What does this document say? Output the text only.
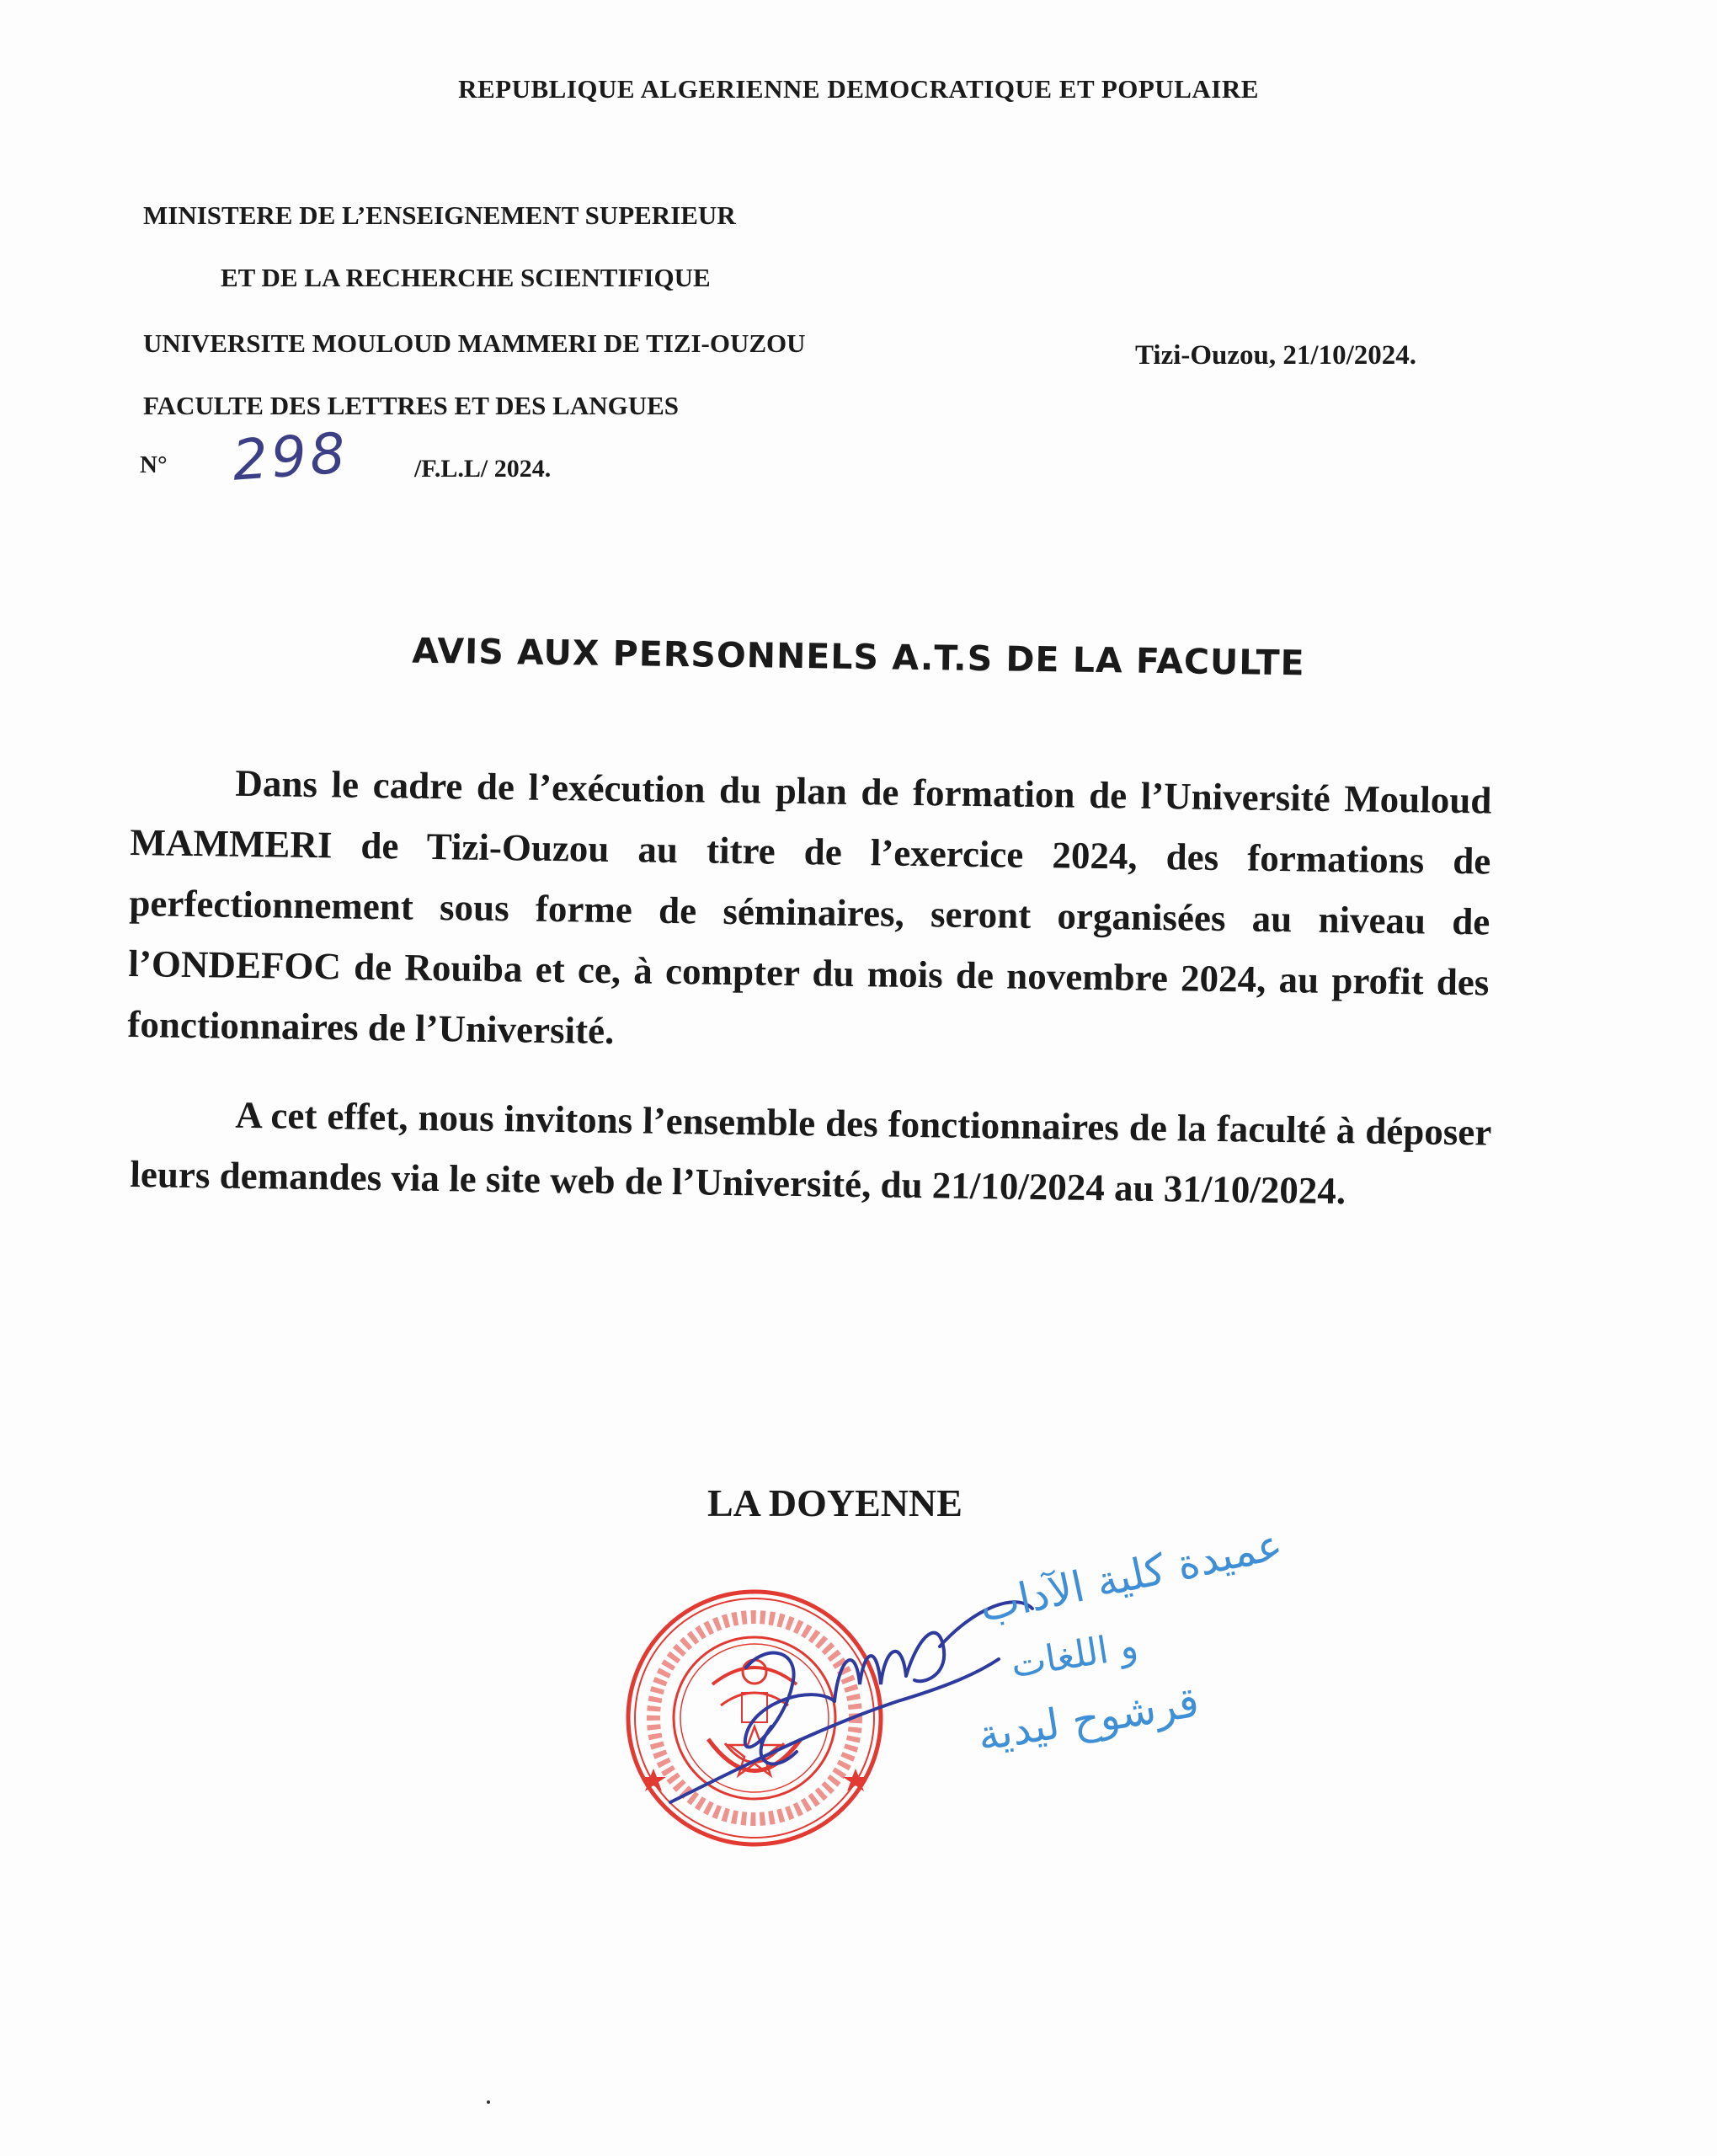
REPUBLIQUE ALGERIENNE DEMOCRATIQUE ET POPULAIRE
MINISTERE DE L’ENSEIGNEMENT SUPERIEUR
ET DE LA RECHERCHE SCIENTIFIQUE
UNIVERSITE MOULOUD MAMMERI DE TIZI-OUZOU
FACULTE DES LETTRES ET DES LANGUES
Tizi-Ouzou, 21/10/2024.
N° 298	/F.L.L/ 2024.
AVIS AUX PERSONNELS A.T.S DE LA FACULTE
Dans le cadre de l’exécution du plan de formation de l’Université Mouloud MAMMERI de Tizi-Ouzou au titre de l’exercice 2024, des formations de perfectionnement sous forme de séminaires, seront organisées au niveau de l’ONDEFOC de Rouiba et ce, à compter du mois de novembre 2024, au profit des fonctionnaires de l’Université.
A cet effet, nous invitons l’ensemble des fonctionnaires de la faculté à déposer leurs demandes via le site web de l’Université, du 21/10/2024 au 31/10/2024.
LA DOYENNE
عميدة كلية الآداب
و اللغات
قرشوح ليدية
